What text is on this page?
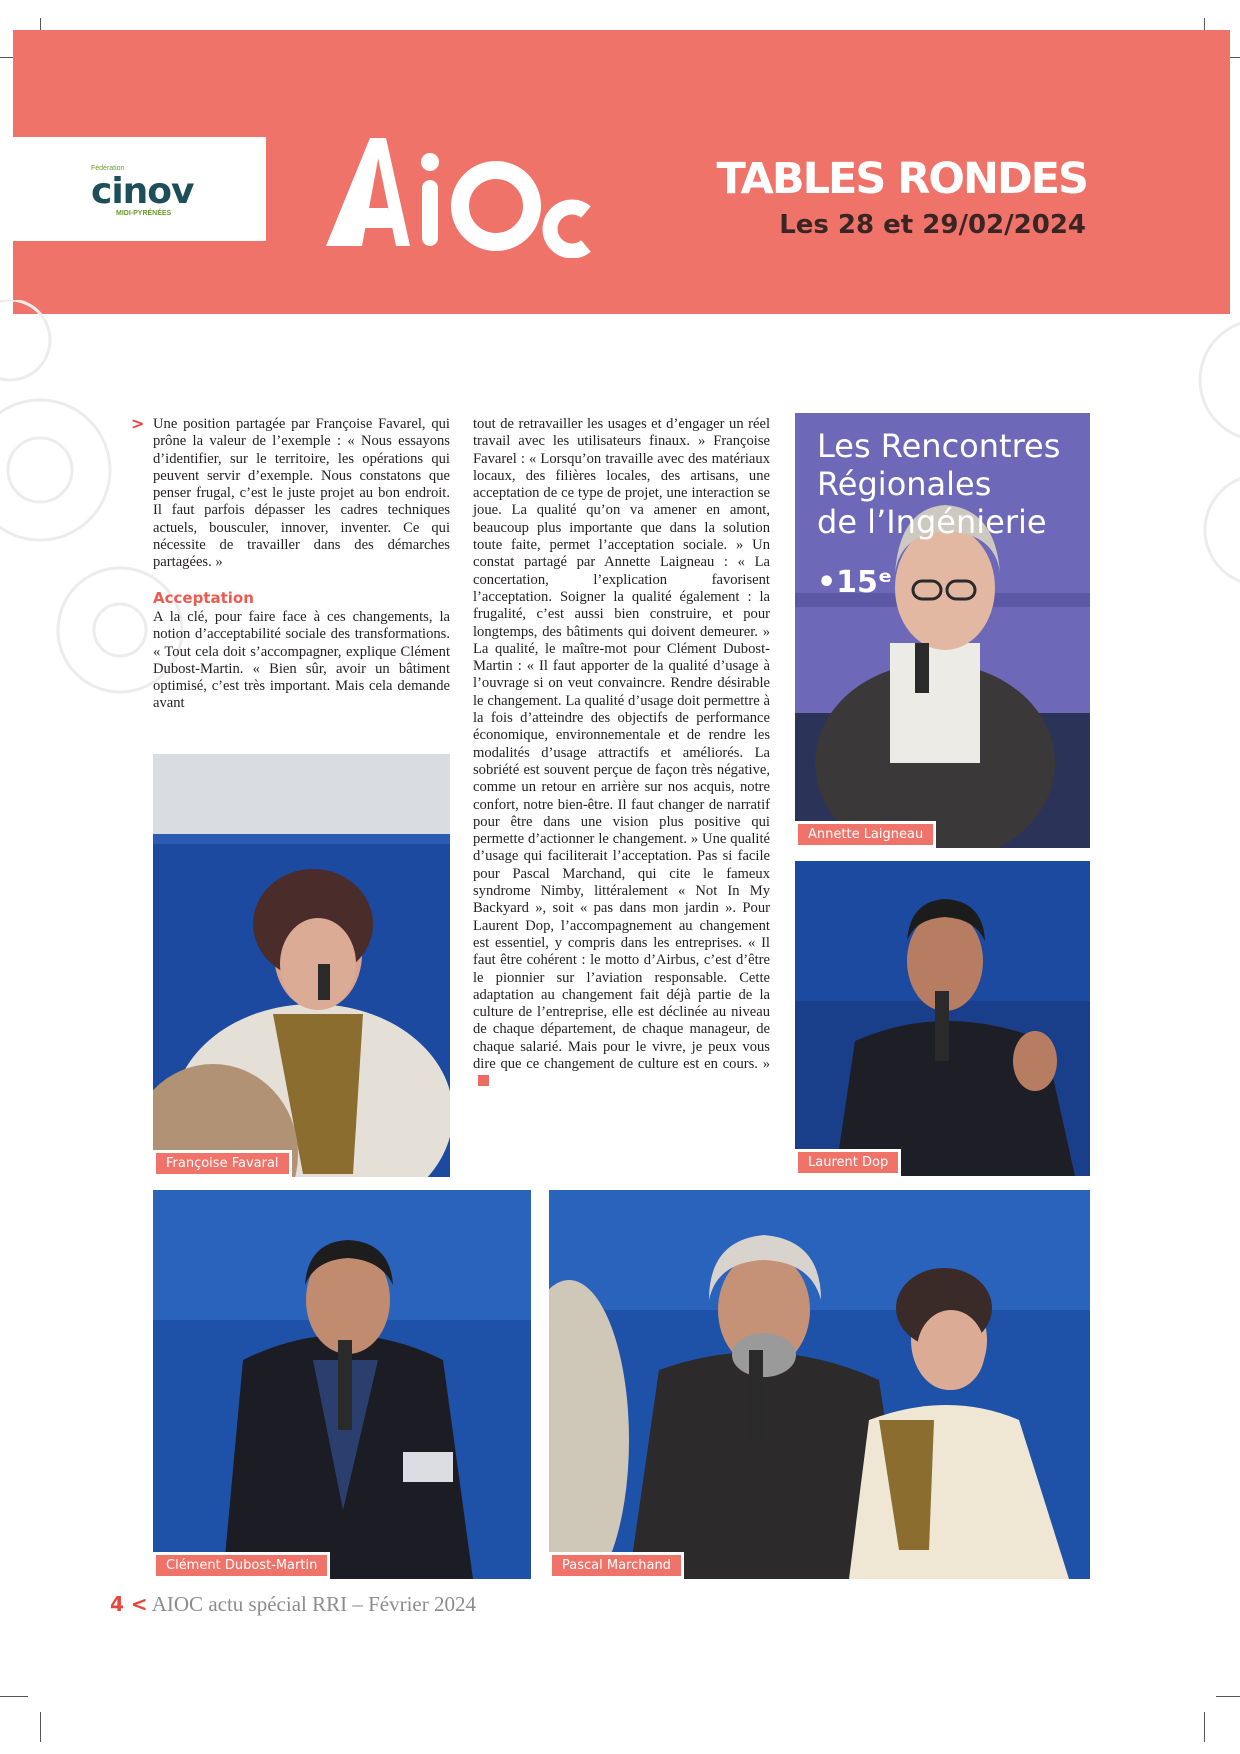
Fédération
cinov
MIDI-PYRÉNÉES
TABLES RONDES
Les 28 et 29/02/2024
> Une position partagée par Françoise Favarel, qui prône la valeur de l’exemple : « Nous essayons d’identifier, sur le territoire, les opérations qui peuvent servir d’exemple. Nous constatons que penser frugal, c’est le juste projet au bon endroit. Il faut parfois dépasser les cadres techniques actuels, bousculer, innover, inventer. Ce qui nécessite de travailler dans des démarches partagées. »

Acceptation

A la clé, pour faire face à ces changements, la notion d’acceptabilité sociale des transformations. « Tout cela doit s’accompagner, explique Clément Dubost-Martin. « Bien sûr, avoir un bâtiment optimisé, c’est très important. Mais cela demande avant

tout de retravailler les usages et d’engager un réel travail avec les utilisateurs finaux. » Françoise Favarel : « Lorsqu’on travaille avec des matériaux locaux, des filières locales, des artisans, une acceptation de ce type de projet, une interaction se joue. La qualité qu’on va amener en amont, beaucoup plus importante que dans la solution toute faite, permet l’acceptation sociale. » Un constat partagé par Annette Laigneau : « La concertation, l’explication favorisent l’acceptation. Soigner la qualité également : la frugalité, c’est aussi bien construire, et pour longtemps, des bâtiments qui doivent demeurer. » La qualité, le maître-mot pour Clément Dubost-Martin : « Il faut apporter de la qualité d’usage à l’ouvrage si on veut convaincre. Rendre désirable le changement. La qualité d’usage doit permettre à la fois d’atteindre des objectifs de performance économique, environnementale et de rendre les modalités d’usage attractifs et améliorés. La sobriété est souvent perçue de façon très négative, comme un retour en arrière sur nos acquis, notre confort, notre bien-être. Il faut changer de narratif pour être dans une vision plus positive qui permette d’actionner le changement. » Une qualité d’usage qui faciliterait l’acceptation. Pas si facile pour Pascal Marchand, qui cite le fameux syndrome Nimby, littéralement « Not In My Backyard », soit « pas dans mon jardin ». Pour Laurent Dop, l’accompagnement au changement est essentiel, y compris dans les entreprises. « Il faut être cohérent : le motto d’Airbus, c’est d’être le pionnier sur l’aviation responsable. Cette adaptation au changement fait déjà partie de la culture de l’entreprise, elle est déclinée au niveau de chaque département, de chaque manageur, de chaque salarié. Mais pour le vivre, je peux vous dire que ce changement de culture est en cours. »

Les Rencontres
Régionales
de l’Ingénierie
•15ᵉ
Annette Laigneau
Françoise Favaral	Laurent Dop
Clément Dubost-Martin	Pascal Marchand
4 < AIOC actu spécial RRI – Février 2024
